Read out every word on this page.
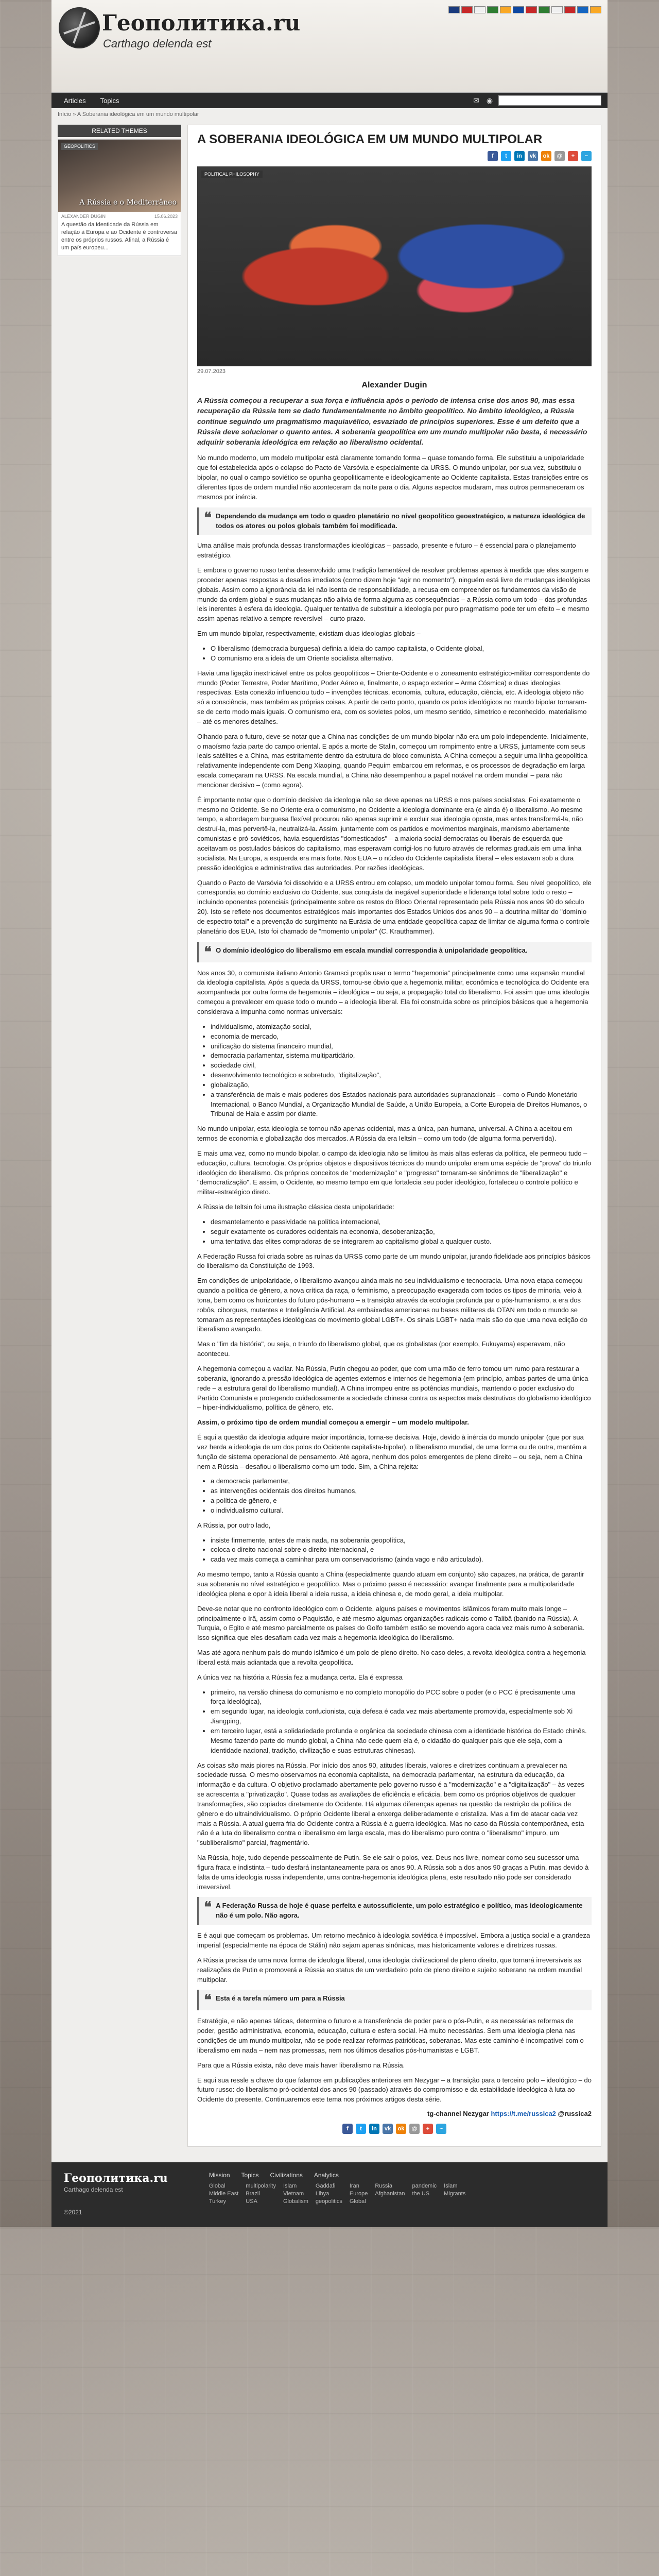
Геополитика.ru
Carthago delenda est
Articles	Topics	✉ ◉
Início » A Soberania ideológica em um mundo multipolar
RELATED THEMES
GEOPOLITICS
A Rússia e o Mediterrâneo
ALEXANDER DUGIN	15.06.2023
A questão da identidade da Rússia em relação à Europa e ao Ocidente é controversa entre os próprios russos. Afinal, a Rússia é um país europeu...
A SOBERANIA IDEOLÓGICA EM UM MUNDO MULTIPOLAR
f	t	in	vk	ok	@	+	~
POLITICAL PHILOSOPHY
29.07.2023
Alexander Dugin

A Rússia começou a recuperar a sua força e influência após o período de intensa crise dos anos 90, mas essa recuperação da Rússia tem se dado fundamentalmente no âmbito geopolítico. No âmbito ideológico, a Rússia continue seguindo um pragmatismo maquiavélico, esvaziado de princípios superiores. Esse é um defeito que a Rússia deve solucionar o quanto antes. A soberania geopolítica em um mundo multipolar não basta, é necessário adquirir soberania ideológica em relação ao liberalismo ocidental.

No mundo moderno, um modelo multipolar está claramente tomando forma – quase tomando forma. Ele substituiu a unipolaridade que foi estabelecida após o colapso do Pacto de Varsóvia e especialmente da URSS. O mundo unipolar, por sua vez, substituiu o bipolar, no qual o campo soviético se opunha geopoliticamente e ideologicamente ao Ocidente capitalista. Estas transições entre os diferentes tipos de ordem mundial não aconteceram da noite para o dia. Alguns aspectos mudaram, mas outros permaneceram os mesmos por inércia.

❝ Dependendo da mudança em todo o quadro planetário no nível geopolítico geoestratégico, a natureza ideológica de todos os atores ou polos globais também foi modificada.

Uma análise mais profunda dessas transformações ideológicas – passado, presente e futuro – é essencial para o planejamento estratégico.

E embora o governo russo tenha desenvolvido uma tradição lamentável de resolver problemas apenas à medida que eles surgem e proceder apenas respostas a desafios imediatos (como dizem hoje "agir no momento"), ninguém está livre de mudanças ideológicas globais. Assim como a ignorância da lei não isenta de responsabilidade, a recusa em compreender os fundamentos da visão de mundo da ordem global e suas mudanças não alivia de forma alguma as consequências – a Rússia como um todo – das profundas leis inerentes à esfera da ideologia. Qualquer tentativa de substituir a ideologia por puro pragmatismo pode ter um efeito – e mesmo assim apenas relativo a sempre reversível – curto prazo.

Em um mundo bipolar, respectivamente, existiam duas ideologias globais –

• O liberalismo (democracia burguesa) definia a ideia do campo capitalista, o Ocidente global,
• O comunismo era a ideia de um Oriente socialista alternativo.

Havia uma ligação inextricável entre os polos geopolíticos – Oriente-Ocidente e o zoneamento estratégico-militar correspondente do mundo (Poder Terrestre, Poder Marítimo, Poder Aéreo e, finalmente, o espaço exterior – Arma Cósmica) e duas ideologias respectivas. Esta conexão influenciou tudo – invenções técnicas, economia, cultura, educação, ciência, etc. A ideologia objeto não só a consciência, mas também as próprias coisas. A partir de certo ponto, quando os polos ideológicos no mundo bipolar tornaram-se de certo modo mais iguais. O comunismo era, com os sovietes polos, um mesmo sentido, simetrico e reconhecido, materialismo – até os menores detalhes.

Olhando para o futuro, deve-se notar que a China nas condições de um mundo bipolar não era um polo independente. Inicialmente, o maoísmo fazia parte do campo oriental. E após a morte de Stalin, começou um rompimento entre a URSS, juntamente com seus leais satélites e a China, mas estritamente dentro da estrutura do bloco comunista. A China começou a seguir uma linha geopolítica relativamente independente com Deng Xiaoping, quando Pequim embarcou em reformas, e os processos de degradação em larga escala começaram na URSS. Na escala mundial, a China não desempenhou a papel notável na ordem mundial – para não mencionar decisivo – (como agora).

É importante notar que o domínio decisivo da ideologia não se deve apenas na URSS e nos países socialistas. Foi exatamente o mesmo no Ocidente. Se no Oriente era o comunismo, no Ocidente a ideologia dominante era (e ainda é) o liberalismo. Ao mesmo tempo, a abordagem burguesa flexível procurou não apenas suprimir e excluir sua ideologia oposta, mas antes transformá-la, não destruí-la, mas pervertê-la, neutralizá-la. Assim, juntamente com os partidos e movimentos marginais, marxismo abertamente comunistas e pró-soviéticos, havia esquerdistas "domesticados" – a maioria social-democratas ou liberais de esquerda que aceitavam os postulados básicos do capitalismo, mas esperavam corrigi-los no futuro através de reformas graduais em uma linha socialista. Na Europa, a esquerda era mais forte. Nos EUA – o núcleo do Ocidente capitalista liberal – eles estavam sob a dura pressão ideológica e administrativa das autoridades. Por razões ideológicas.

Quando o Pacto de Varsóvia foi dissolvido e a URSS entrou em colapso, um modelo unipolar tomou forma. Seu nível geopolítico, ele correspondia ao domínio exclusivo do Ocidente, sua conquista da inegável superioridade e liderança total sobre todo o resto – incluindo oponentes potenciais (principalmente sobre os restos do Bloco Oriental representado pela Rússia nos anos 90 do século 20). Isto se reflete nos documentos estratégicos mais importantes dos Estados Unidos dos anos 90 – a doutrina militar do "domínio de espectro total" e a prevenção do surgimento na Eurásia de uma entidade geopolítica capaz de limitar de alguma forma o controle planetário dos EUA. Isto foi chamado de "momento unipolar" (C. Krauthammer).

❝ O domínio ideológico do liberalismo em escala mundial correspondia à unipolaridade geopolítica.

Nos anos 30, o comunista italiano Antonio Gramsci propôs usar o termo "hegemonia" principalmente como uma expansão mundial da ideologia capitalista. Após a queda da URSS, tornou-se óbvio que a hegemonia militar, econômica e tecnológica do Ocidente era acompanhada por outra forma de hegemonia – ideológica – ou seja, a propagação total do liberalismo. Foi assim que uma ideologia começou a prevalecer em quase todo o mundo – a ideologia liberal. Ela foi construída sobre os princípios básicos que a hegemonia considerava a impunha como normas universais:

• individualismo, atomização social,
• economia de mercado,
• unificação do sistema financeiro mundial,
• democracia parlamentar, sistema multipartidário,
• sociedade civil,
• desenvolvimento tecnológico e sobretudo, "digitalização",
• globalização,
• a transferência de mais e mais poderes dos Estados nacionais para autoridades supranacionais – como o Fundo Monetário Internacional, o Banco Mundial, a Organização Mundial de Saúde, a União Europeia, a Corte Europeia de Direitos Humanos, o Tribunal de Haia e assim por diante.

No mundo unipolar, esta ideologia se tornou não apenas ocidental, mas a única, pan-humana, universal. A China a aceitou em termos de economia e globalização dos mercados. A Rússia da era Ieltsin – como um todo (de alguma forma pervertida).

E mais uma vez, como no mundo bipolar, o campo da ideologia não se limitou às mais altas esferas da política, ele permeou tudo – educação, cultura, tecnologia. Os próprios objetos e dispositivos técnicos do mundo unipolar eram uma espécie de "prova" do triunfo ideológico do liberalismo. Os próprios conceitos de "modernização" e "progresso" tornaram-se sinônimos de "liberalização" e "democratização". E assim, o Ocidente, ao mesmo tempo em que fortalecia seu poder ideológico, fortaleceu o controle político e militar-estratégico direto.

A Rússia de Ieltsin foi uma ilustração clássica desta unipolaridade:

• desmantelamento e passividade na política internacional,
• seguir exatamente os curadores ocidentais na economia, desoberanização,
• uma tentativa das elites compradoras de se integrarem ao capitalismo global a qualquer custo.

A Federação Russa foi criada sobre as ruínas da URSS como parte de um mundo unipolar, jurando fidelidade aos princípios básicos do liberalismo da Constituição de 1993.

Em condições de unipolaridade, o liberalismo avançou ainda mais no seu individualismo e tecnocracia. Uma nova etapa começou quando a política de gênero, a nova crítica da raça, o feminismo, a preocupação exagerada com todos os tipos de minoria, veio à tona, bem como os horizontes do futuro pós-humano – a transição através da ecologia profunda par o pós-humanismo, a era dos robôs, ciborgues, mutantes e Inteligência Artificial. As embaixadas americanas ou bases militares da OTAN em todo o mundo se tornaram as representações ideológicas do movimento global LGBT+. Os sinais LGBT+ nada mais são do que uma nova edição do liberalismo avançado.

Mas o "fim da história", ou seja, o triunfo do liberalismo global, que os globalistas (por exemplo, Fukuyama) esperavam, não aconteceu.

A hegemonia começou a vacilar. Na Rússia, Putin chegou ao poder, que com uma mão de ferro tomou um rumo para restaurar a soberania, ignorando a pressão ideológica de agentes externos e internos de hegemonia (em princípio, ambas partes de uma única rede – a estrutura geral do liberalismo mundial). A China irrompeu entre as potências mundiais, mantendo o poder exclusivo do Partido Comunista e protegendo cuidadosamente a sociedade chinesa contra os aspectos mais destrutivos do globalismo ideológico – hiper-individualismo, política de gênero, etc.

Assim, o próximo tipo de ordem mundial começou a emergir – um modelo multipolar.

É aqui a questão da ideologia adquire maior importância, torna-se decisiva. Hoje, devido à inércia do mundo unipolar (que por sua vez herda a ideologia de um dos polos do Ocidente capitalista-bipolar), o liberalismo mundial, de uma forma ou de outra, mantém a função de sistema operacional de pensamento. Até agora, nenhum dos polos emergentes de pleno direito – ou seja, nem a China nem a Rússia – desafiou o liberalismo como um todo. Sim, a China rejeita:

• a democracia parlamentar,
• as intervenções ocidentais dos direitos humanos,
• a política de gênero, e
• o individualismo cultural.

A Rússia, por outro lado,

• insiste firmemente, antes de mais nada, na soberania geopolítica,
• coloca o direito nacional sobre o direito internacional, e
• cada vez mais começa a caminhar para um conservadorismo (ainda vago e não articulado).

Ao mesmo tempo, tanto a Rússia quanto a China (especialmente quando atuam em conjunto) são capazes, na prática, de garantir sua soberania no nível estratégico e geopolítico. Mas o próximo passo é necessário: avançar finalmente para a multipolaridade ideológica plena e opor à ideia liberal a ideia russa, a ideia chinesa e, de modo geral, a ideia multipolar.

Deve-se notar que no confronto ideológico com o Ocidente, alguns países e movimentos islâmicos foram muito mais longe – principalmente o Irã, assim como o Paquistão, e até mesmo algumas organizações radicais como o Talibã (banido na Rússia). A Turquia, o Egito e até mesmo parcialmente os países do Golfo também estão se movendo agora cada vez mais rumo à soberania. Isso significa que eles desafiam cada vez mais a hegemonia ideológica do liberalismo.

Mas até agora nenhum país do mundo islâmico é um polo de pleno direito. No caso deles, a revolta ideológica contra a hegemonia liberal está mais adiantada que a revolta geopolítica.

A única vez na história a Rússia fez a mudança certa. Ela é expressa

• primeiro, na versão chinesa do comunismo e no completo monopólio do PCC sobre o poder (e o PCC é precisamente uma força ideológica),
• em segundo lugar, na ideologia confucionista, cuja defesa é cada vez mais abertamente promovida, especialmente sob Xi Jiangping,
• em terceiro lugar, está a solidariedade profunda e orgânica da sociedade chinesa com a identidade histórica do Estado chinês. Mesmo fazendo parte do mundo global, a China não cede quem ela é, o cidadão do qualquer país que ele seja, com a identidade nacional, tradição, civilização e suas estruturas chinesas).

As coisas são mais piores na Rússia. Por início dos anos 90, atitudes liberais, valores e diretrizes continuam a prevalecer na sociedade russa. O mesmo observamos na economia capitalista, na democracia parlamentar, na estrutura da educação, da informação e da cultura. O objetivo proclamado abertamente pelo governo russo é a "modernização" e a "digitalização" – às vezes se acrescenta a "privatização". Quase todas as avaliações de eficiência e eficácia, bem como os próprios objetivos de qualquer transformações, são copiados diretamente do Ocidente. Há algumas diferenças apenas na questão da restrição da política de gênero e do ultraindividualismo. O próprio Ocidente liberal a enxerga deliberadamente e cristaliza. Mas a fim de atacar cada vez mais a Rússia. A atual guerra fria do Ocidente contra a Rússia é a guerra ideológica. Mas no caso da Rússia contemporânea, esta não é a luta do liberalismo contra o liberalismo em larga escala, mas do liberalismo puro contra o "liberalismo" impuro, um "subliberalismo" parcial, fragmentário.

Na Rússia, hoje, tudo depende pessoalmente de Putin. Se ele sair o polos, vez. Deus nos livre, nomear como seu sucessor uma figura fraca e indistinta – tudo desfará instantaneamente para os anos 90. A Rússia sob a dos anos 90 graças a Putin, mas devido à falta de uma ideologia russa independente, uma contra-hegemonia ideológica plena, este resultado não pode ser considerado irreversível.

❝ A Federação Russa de hoje é quase perfeita e autossuficiente, um polo estratégico e político, mas ideologicamente não é um polo. Não agora.

E é aqui que começam os problemas. Um retorno mecânico à ideologia soviética é impossível. Embora a justiça social e a grandeza imperial (especialmente na época de Stálin) não sejam apenas sinônicas, mas historicamente valores e diretrizes russas.

A Rússia precisa de uma nova forma de ideologia liberal, uma ideologia civilizacional de pleno direito, que tornará irreversíveis as realizações de Putin e promoverá a Rússia ao status de um verdadeiro polo de pleno direito e sujeito soberano na ordem mundial multipolar.

❝ Esta é a tarefa número um para a Rússia

Estratégia, e não apenas táticas, determina o futuro e a transferência de poder para o pós-Putin, e as necessárias reformas de poder, gestão administrativa, economia, educação, cultura e esfera social. Há muito necessárias. Sem uma ideologia plena nas condições de um mundo multipolar, não se pode realizar reformas patrióticas, soberanas. Mas este caminho é incompatível com o liberalismo em nada – nem nas promessas, nem nos últimos desafios pós-humanistas e LGBT.

Para que a Rússia exista, não deve mais haver liberalismo na Rússia.

E aqui sua ressle a chave do que falamos em publicações anteriores em Nezygar – a transição para o terceiro polo – ideológico – do futuro russo: do liberalismo pró-ocidental dos anos 90 (passado) através do compromisso e da estabilidade ideológica à luta ao Ocidente do presente. Continuaremos este tema nos próximos artigos desta série.

tg-channel Nezygar https://t.me/russica2 @russica2
f	t	in	vk	ok	@	+	~
Геополитика.ru
Carthago delenda est
©2021
Mission Topics Civilizations Analytics
Global	multipolarity Islam	Gaddafi	Iran	Russia	pandemic Islam
Middle East Brazil	Vietnam	Libya	Europe Afghanistan the US	Migrants
Turkey	USA	Globalism geopolitics Global
